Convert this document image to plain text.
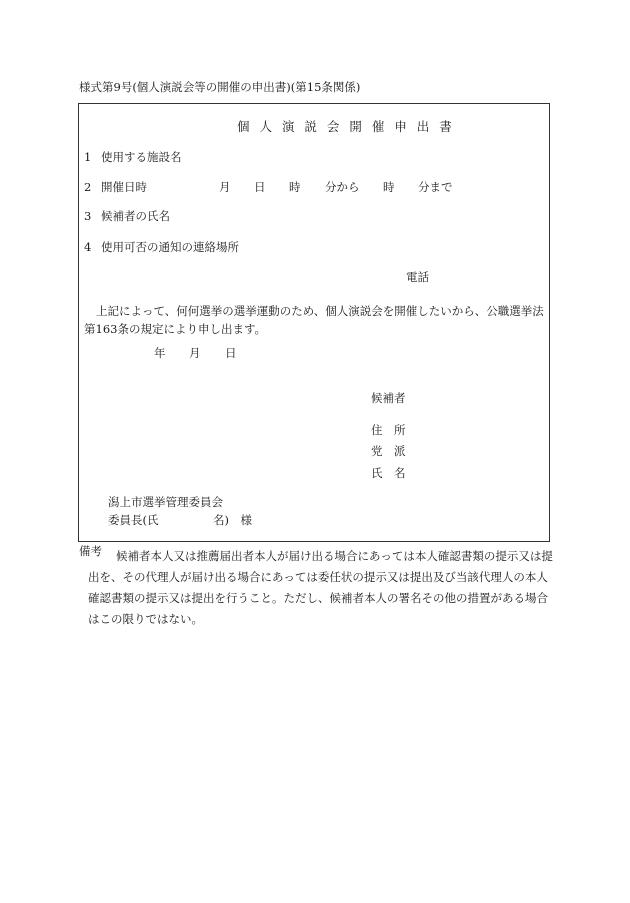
様式第9号(個人演説会等の開催の申出書)(第15条関係)
個 人 演 説 会 開 催 申 出 書
1 使用する施設名
2 開催日時	月 日 時 分から 時 分まで
3 候補者の氏名
4 使用可否の通知の連絡場所
電話
上記によって、何何選挙の選挙運動のため、個人演説会を開催したいから、公職選挙法第163条の規定により申し出ます。
年 月 日
候補者
住　所
党　派
氏　名
潟上市選挙管理委員会
委員長(氏	名)　様
備考	候補者本人又は推薦届出者本人が届け出る場合にあっては本人確認書類の提示又は提出を、その代理人が届け出る場合にあっては委任状の提示又は提出及び当該代理人の本人確認書類の提示又は提出を行うこと。ただし、候補者本人の署名その他の措置がある場合はこの限りではない。
